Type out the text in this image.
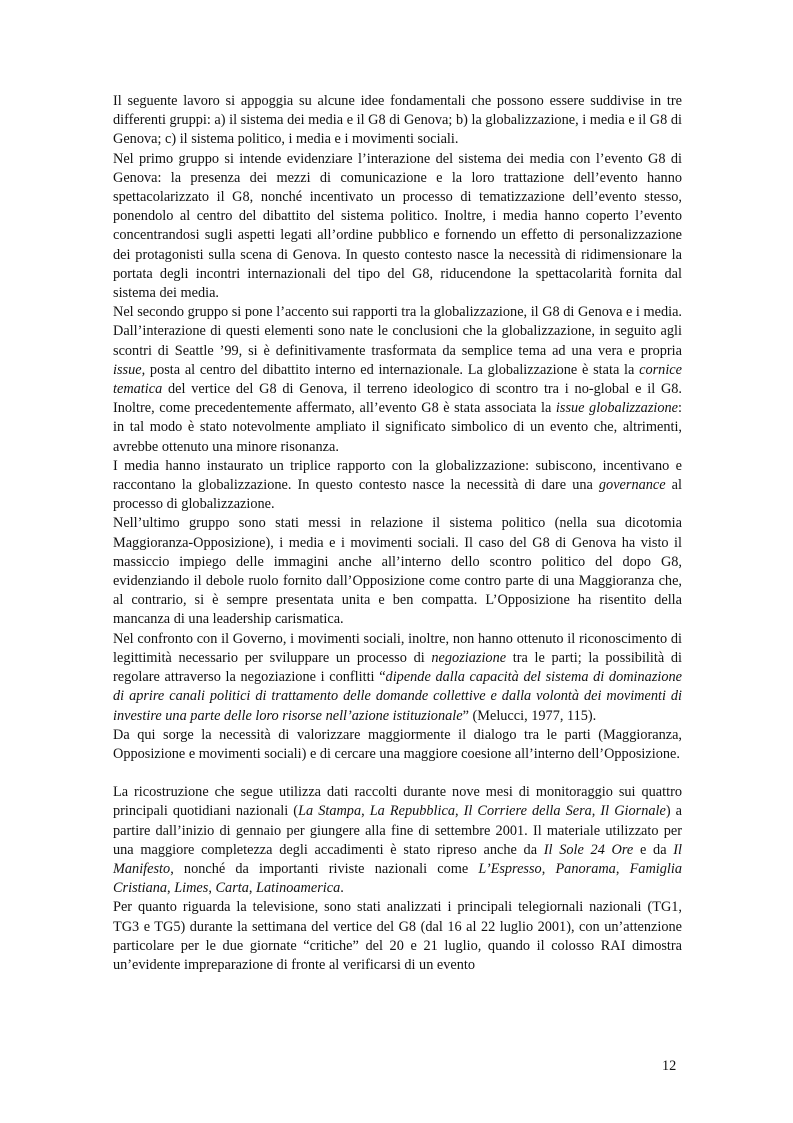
Il seguente lavoro si appoggia su alcune idee fondamentali che possono essere suddivise in tre differenti gruppi: a) il sistema dei media e il G8 di Genova; b) la globalizzazione, i media e il G8 di Genova; c) il sistema politico, i media e i movimenti sociali.

Nel primo gruppo si intende evidenziare l’interazione del sistema dei media con l’evento G8 di Genova: la presenza dei mezzi di comunicazione e la loro trattazione dell’evento hanno spettacolarizzato il G8, nonché incentivato un processo di tematizzazione dell’evento stesso, ponendolo al centro del dibattito del sistema politico. Inoltre, i media hanno coperto l’evento concentrandosi sugli aspetti legati all’ordine pubblico e fornendo un effetto di personalizzazione dei protagonisti sulla scena di Genova. In questo contesto nasce la necessità di ridimensionare la portata degli incontri internazionali del tipo del G8, riducendone la spettacolarità fornita dal sistema dei media.

Nel secondo gruppo si pone l’accento sui rapporti tra la globalizzazione, il G8 di Genova e i media. Dall’interazione di questi elementi sono nate le conclusioni che la globalizzazione, in seguito agli scontri di Seattle ’99, si è definitivamente trasformata da semplice tema ad una vera e propria issue, posta al centro del dibattito interno ed internazionale. La globalizzazione è stata la cornice tematica del vertice del G8 di Genova, il terreno ideologico di scontro tra i no-global e il G8. Inoltre, come precedentemente affermato, all’evento G8 è stata associata la issue globalizzazione: in tal modo è stato notevolmente ampliato il significato simbolico di un evento che, altrimenti, avrebbe ottenuto una minore risonanza.

I media hanno instaurato un triplice rapporto con la globalizzazione: subiscono, incentivano e raccontano la globalizzazione. In questo contesto nasce la necessità di dare una governance al processo di globalizzazione.

Nell’ultimo gruppo sono stati messi in relazione il sistema politico (nella sua dicotomia Maggioranza-Opposizione), i media e i movimenti sociali. Il caso del G8 di Genova ha visto il massiccio impiego delle immagini anche all’interno dello scontro politico del dopo G8, evidenziando il debole ruolo fornito dall’Opposizione come contro parte di una Maggioranza che, al contrario, si è sempre presentata unita e ben compatta. L’Opposizione ha risentito della mancanza di una leadership carismatica.

Nel confronto con il Governo, i movimenti sociali, inoltre, non hanno ottenuto il riconoscimento di legittimità necessario per sviluppare un processo di negoziazione tra le parti; la possibilità di regolare attraverso la negoziazione i conflitti “dipende dalla capacità del sistema di dominazione di aprire canali politici di trattamento delle domande collettive e dalla volontà dei movimenti di investire una parte delle loro risorse nell’azione istituzionale” (Melucci, 1977, 115).

Da qui sorge la necessità di valorizzare maggiormente il dialogo tra le parti (Maggioranza, Opposizione e movimenti sociali) e di cercare una maggiore coesione all’interno dell’Opposizione.

La ricostruzione che segue utilizza dati raccolti durante nove mesi di monitoraggio sui quattro principali quotidiani nazionali (La Stampa, La Repubblica, Il Corriere della Sera, Il Giornale) a partire dall’inizio di gennaio per giungere alla fine di settembre 2001. Il materiale utilizzato per una maggiore completezza degli accadimenti è stato ripreso anche da Il Sole 24 Ore e da Il Manifesto, nonché da importanti riviste nazionali come L’Espresso, Panorama, Famiglia Cristiana, Limes, Carta, Latinoamerica.

Per quanto riguarda la televisione, sono stati analizzati i principali telegiornali nazionali (TG1, TG3 e TG5) durante la settimana del vertice del G8 (dal 16 al 22 luglio 2001), con un’attenzione particolare per le due giornate “critiche” del 20 e 21 luglio, quando il colosso RAI dimostra un’evidente impreparazione di fronte al verificarsi di un evento

12
